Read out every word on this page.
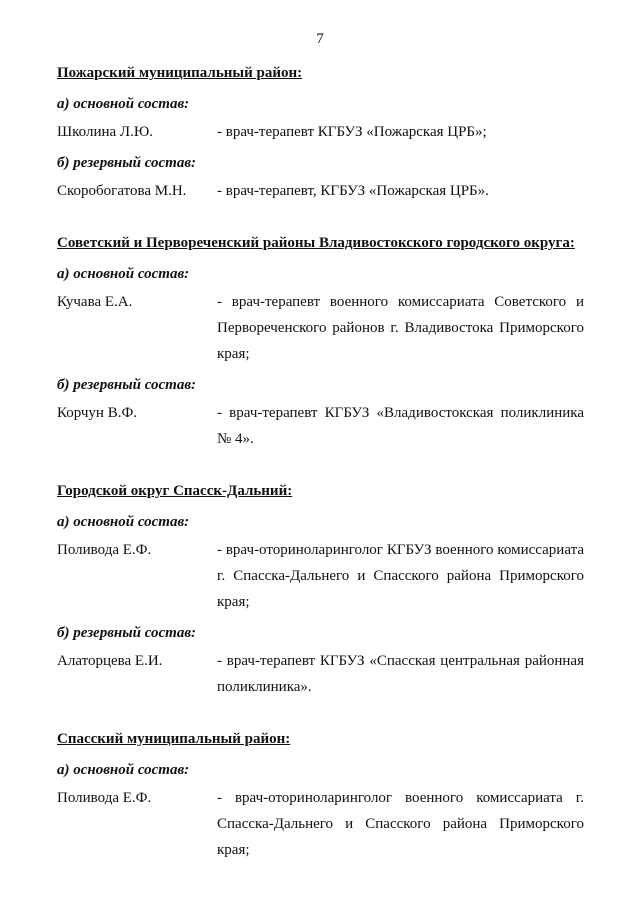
7

Пожарский муниципальный район:

а) основной состав:
Школина Л.Ю.	- врач-терапевт КГБУЗ «Пожарская ЦРБ»;
б) резервный состав:
Скоробогатова М.Н.	- врач-терапевт, КГБУЗ «Пожарская ЦРБ».

Советский и Первореченский районы Владивостокского городского округа:

а) основной состав:
Кучава Е.А.	- врач-терапевт военного комиссариата Советского и Первореченского районов г. Владивостока Приморского края;
б) резервный состав:
Корчун В.Ф.	- врач-терапевт КГБУЗ «Владивостокская поликлиника № 4».

Городской округ Спасск-Дальний:

а) основной состав:
Поливода Е.Ф.	- врач-оториноларинголог КГБУЗ военного комиссариата г. Спасска-Дальнего и Спасского района Приморского края;
б) резервный состав:
Алаторцева Е.И.	- врач-терапевт КГБУЗ «Спасская центральная районная поликлиника».

Спасский муниципальный район:

а) основной состав:
Поливода Е.Ф.	- врач-оториноларинголог военного комиссариата г. Спасска-Дальнего и Спасского района Приморского края;
